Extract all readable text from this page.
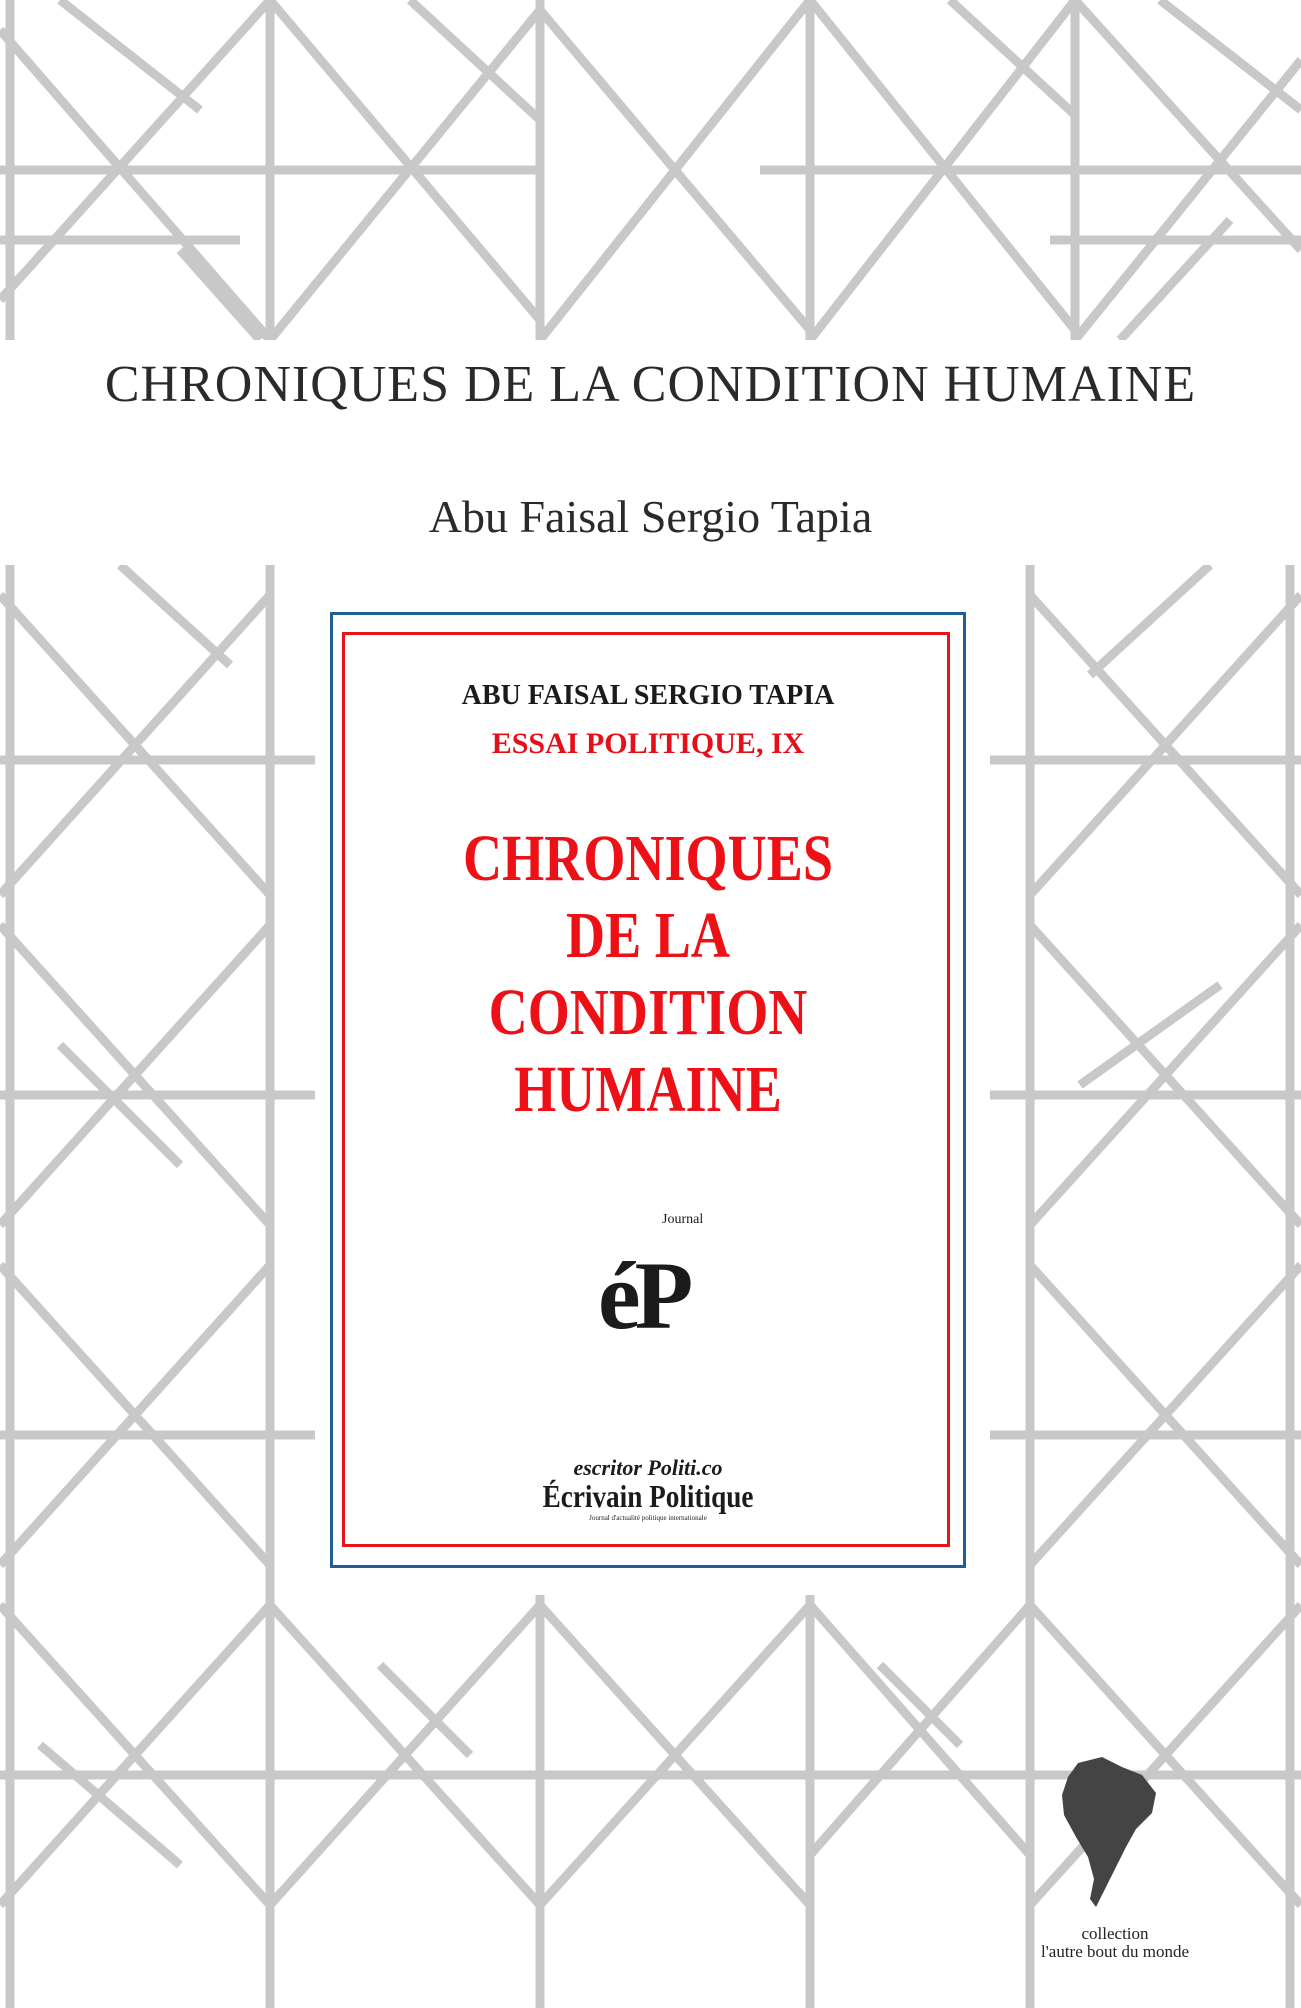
CHRONIQUES DE LA CONDITION HUMAINE
Abu Faisal Sergio Tapia
ABU FAISAL SERGIO TAPIA
ESSAI POLITIQUE, IX
CHRONIQUES
DE LA
CONDITION
HUMAINE
Journal
éP
escritor Politi.co
Écrivain Politique
Journal d'actualité politique internationale
collection
l'autre bout du monde
